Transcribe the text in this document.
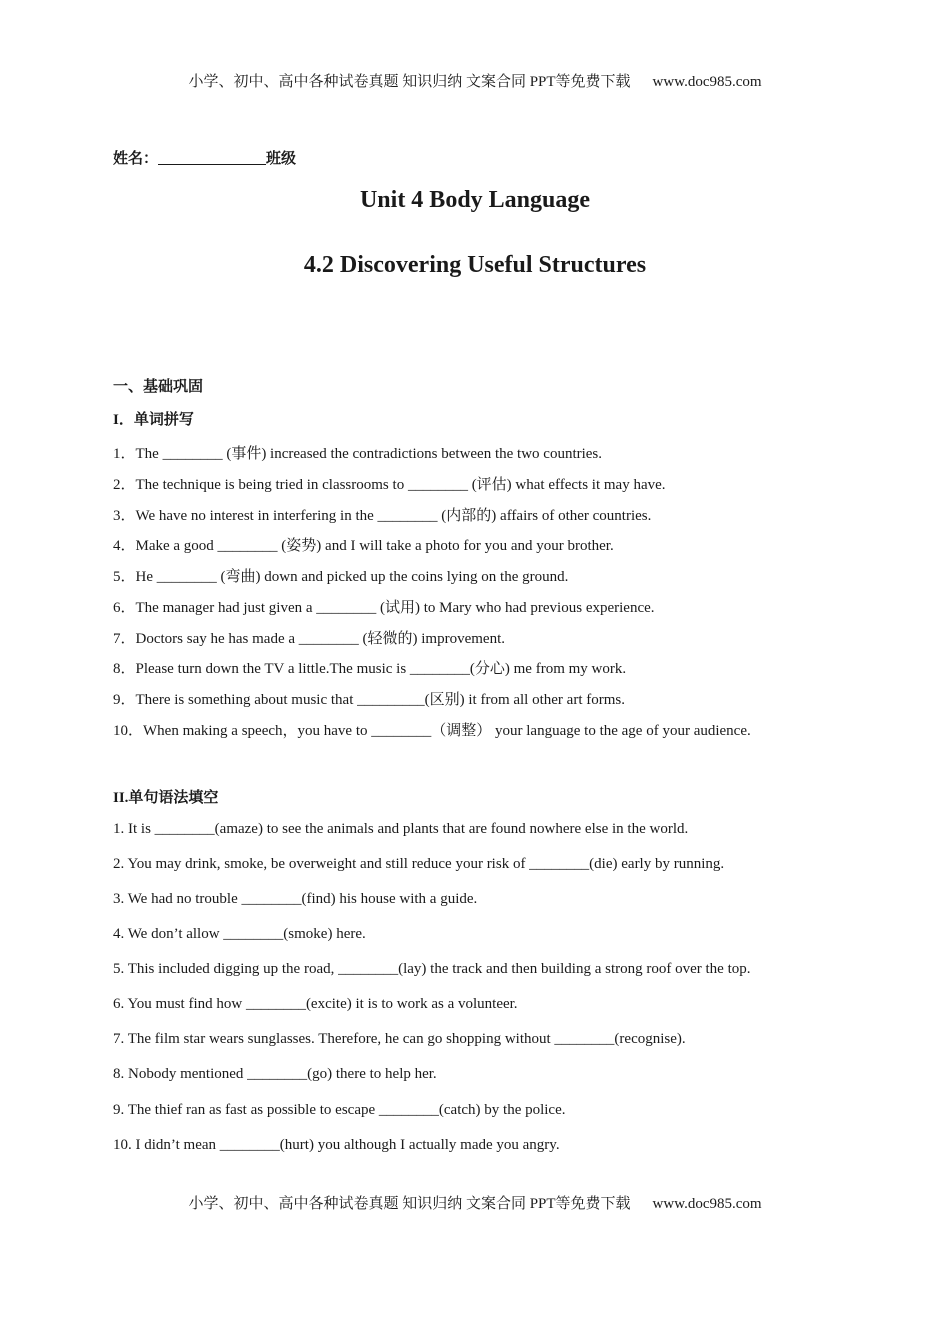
小学、初中、高中各种试卷真题 知识归纳 文案合同 PPT等免费下载 www.doc985.com
姓名：	班级
Unit 4 Body Language
4.2 Discovering Useful Structures
一、基础巩固
I．单词拼写
1．The ________ (事件) increased the contradictions between the two countries.
2．The technique is being tried in classrooms to ________ (评估) what effects it may have.
3．We have no interest in interfering in the ________ (内部的) affairs of other countries.
4．Make a good ________ (姿势) and I will take a photo for you and your brother.
5．He ________ (弯曲) down and picked up the coins lying on the ground.
6．The manager had just given a ________ (试用) to Mary who had previous experience.
7．Doctors say he has made a ________ (轻微的) improvement.
8．Please turn down the TV a little.The music is ________(分心) me from my work.
9．There is something about music that _________(区别) it from all other art forms.
10．When making a speech，you have to ________（调整） your language to the age of your audience.
II.单句语法填空
1. It is ________(amaze) to see the animals and plants that are found nowhere else in the world.
2. You may drink, smoke, be overweight and still reduce your risk of ________(die) early by running.
3. We had no trouble ________(find) his house with a guide.
4. We don’t allow ________(smoke) here.
5. This included digging up the road, ________(lay) the track and then building a strong roof over the top.
6. You must find how ________(excite) it is to work as a volunteer.
7. The film star wears sunglasses. Therefore, he can go shopping without ________(recognise).
8. Nobody mentioned ________(go) there to help her.
9. The thief ran as fast as possible to escape ________(catch) by the police.
10. I didn’t mean ________(hurt) you although I actually made you angry.
小学、初中、高中各种试卷真题 知识归纳 文案合同 PPT等免费下载 www.doc985.com
